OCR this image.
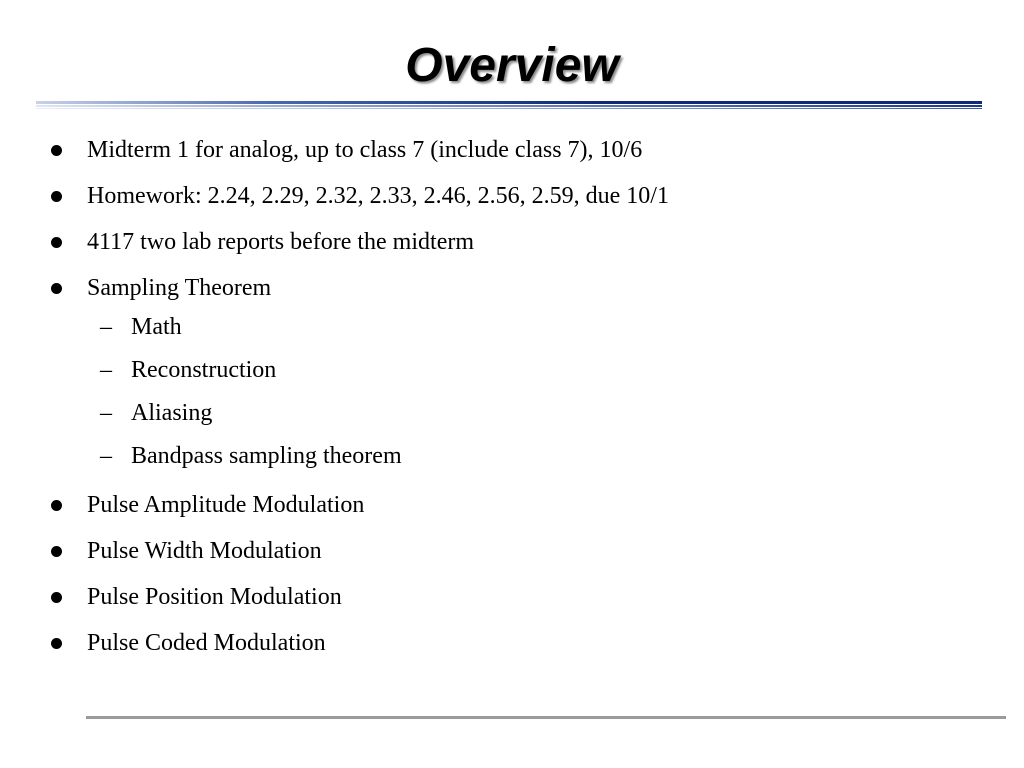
Overview
Midterm 1 for analog, up to class 7 (include class 7), 10/6
Homework: 2.24, 2.29, 2.32, 2.33, 2.46, 2.56, 2.59, due 10/1
4117 two lab reports before the midterm
Sampling Theorem
– Math
– Reconstruction
– Aliasing
– Bandpass sampling theorem
Pulse Amplitude Modulation
Pulse Width Modulation
Pulse Position Modulation
Pulse Coded Modulation
